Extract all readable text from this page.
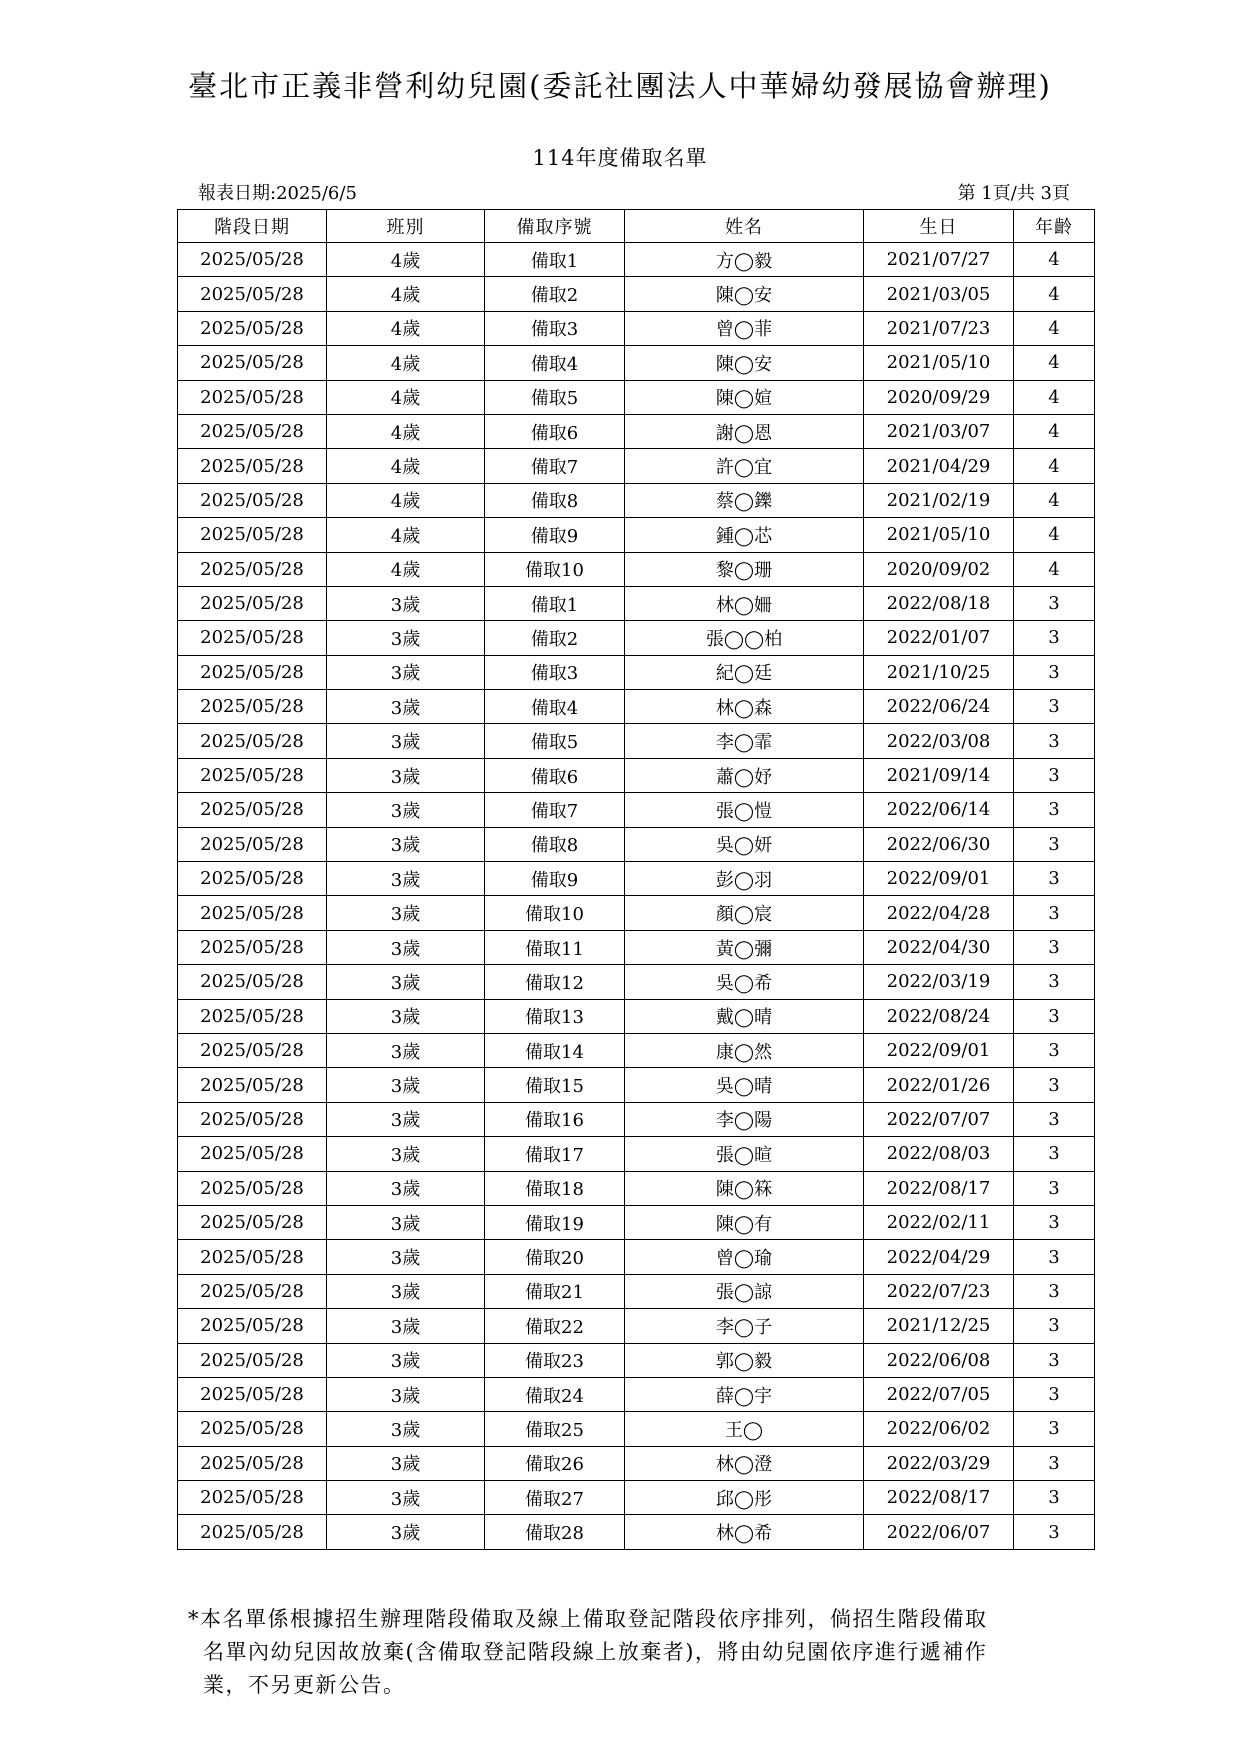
臺北市正義非營利幼兒園(委託社團法人中華婦幼發展協會辦理)
114年度備取名單
報表日期:2025/6/5	第 1頁/共 3頁
階段日期	班別	備取序號	姓名	生日	年齡
2025/05/28	4歲	備取1	方◯毅	2021/07/27	4
2025/05/28	4歲	備取2	陳◯安	2021/03/05	4
2025/05/28	4歲	備取3	曾◯菲	2021/07/23	4
2025/05/28	4歲	備取4	陳◯安	2021/05/10	4
2025/05/28	4歲	備取5	陳◯媗	2020/09/29	4
2025/05/28	4歲	備取6	謝◯恩	2021/03/07	4
2025/05/28	4歲	備取7	許◯宜	2021/04/29	4
2025/05/28	4歲	備取8	蔡◯鑠	2021/02/19	4
2025/05/28	4歲	備取9	鍾◯芯	2021/05/10	4
2025/05/28	4歲	備取10	黎◯珊	2020/09/02	4
2025/05/28	3歲	備取1	林◯姍	2022/08/18	3
2025/05/28	3歲	備取2	張◯◯柏	2022/01/07	3
2025/05/28	3歲	備取3	紀◯廷	2021/10/25	3
2025/05/28	3歲	備取4	林◯森	2022/06/24	3
2025/05/28	3歲	備取5	李◯霏	2022/03/08	3
2025/05/28	3歲	備取6	蕭◯妤	2021/09/14	3
2025/05/28	3歲	備取7	張◯愷	2022/06/14	3
2025/05/28	3歲	備取8	吳◯妍	2022/06/30	3
2025/05/28	3歲	備取9	彭◯羽	2022/09/01	3
2025/05/28	3歲	備取10	顏◯宸	2022/04/28	3
2025/05/28	3歲	備取11	黃◯彌	2022/04/30	3
2025/05/28	3歲	備取12	吳◯希	2022/03/19	3
2025/05/28	3歲	備取13	戴◯晴	2022/08/24	3
2025/05/28	3歲	備取14	康◯然	2022/09/01	3
2025/05/28	3歲	備取15	吳◯晴	2022/01/26	3
2025/05/28	3歲	備取16	李◯陽	2022/07/07	3
2025/05/28	3歲	備取17	張◯暄	2022/08/03	3
2025/05/28	3歲	備取18	陳◯箖	2022/08/17	3
2025/05/28	3歲	備取19	陳◯有	2022/02/11	3
2025/05/28	3歲	備取20	曾◯瑜	2022/04/29	3
2025/05/28	3歲	備取21	張◯諒	2022/07/23	3
2025/05/28	3歲	備取22	李◯子	2021/12/25	3
2025/05/28	3歲	備取23	郭◯毅	2022/06/08	3
2025/05/28	3歲	備取24	薛◯宇	2022/07/05	3
2025/05/28	3歲	備取25	王◯	2022/06/02	3
2025/05/28	3歲	備取26	林◯澄	2022/03/29	3
2025/05/28	3歲	備取27	邱◯彤	2022/08/17	3
2025/05/28	3歲	備取28	林◯希	2022/06/07	3
*本名單係根據招生辦理階段備取及線上備取登記階段依序排列，倘招生階段備取
名單內幼兒因故放棄(含備取登記階段線上放棄者)，將由幼兒園依序進行遞補作
業，不另更新公告。
